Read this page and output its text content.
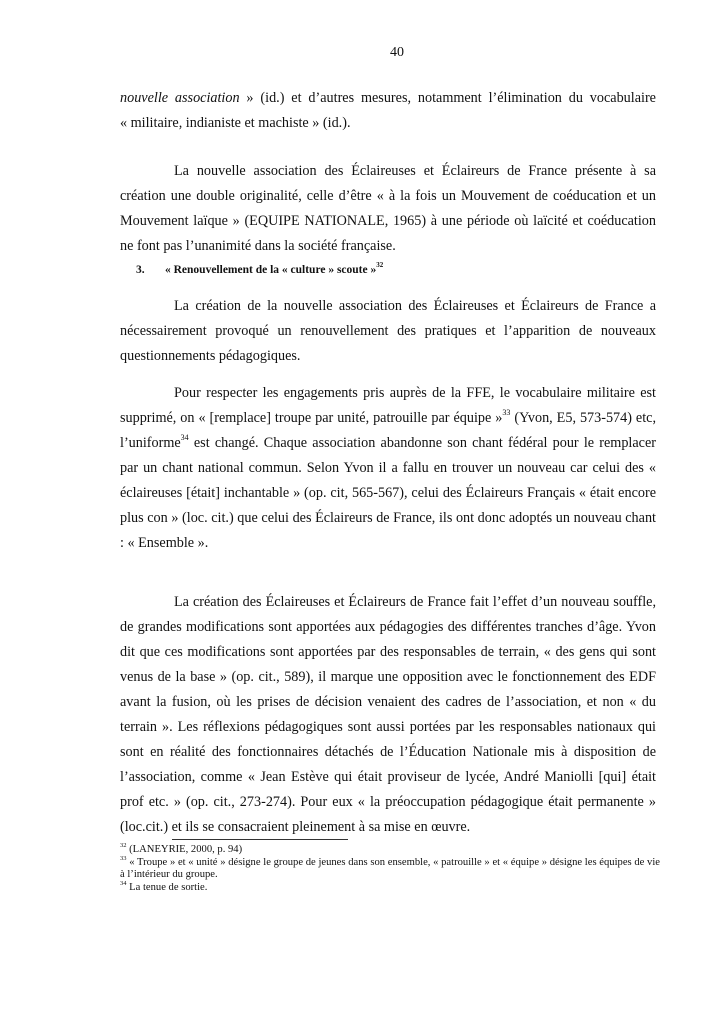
40

nouvelle association » (id.) et d’autres mesures, notamment l’élimination du vocabulaire

« militaire, indianiste et machiste » (id.).

La nouvelle association des Éclaireuses et Éclaireurs de France présente à sa création une double originalité, celle d’être « à la fois un Mouvement de coéducation et un Mouvement laïque » (EQUIPE NATIONALE, 1965) à une période où laïcité et coéducation ne font pas l’unanimité dans la société française.

3. « Renouvellement de la « culture » scoute »$^{32}$

La création de la nouvelle association des Éclaireuses et Éclaireurs de France a nécessairement provoqué un renouvellement des pratiques et l’apparition de nouveaux questionnements pédagogiques.

Pour respecter les engagements pris auprès de la FFE, le vocabulaire militaire est supprimé, on « [remplace] troupe par unité, patrouille par équipe »$^{33}$ (Yvon, E5, 573-574) etc, l’uniforme$^{34}$ est changé. Chaque association abandonne son chant fédéral pour le remplacer par un chant national commun. Selon Yvon il a fallu en trouver un nouveau car celui des « éclaireuses [était] inchantable » (op. cit, 565-567), celui des Éclaireurs Français « était encore plus con » (loc. cit.) que celui des Éclaireurs de France, ils ont donc adoptés un nouveau chant : « Ensemble ».

La création des Éclaireuses et Éclaireurs de France fait l’effet d’un nouveau souffle, de grandes modifications sont apportées aux pédagogies des différentes tranches d’âge. Yvon dit que ces modifications sont apportées par des responsables de terrain, « des gens qui sont venus de la base » (op. cit., 589), il marque une opposition avec le fonctionnement des EDF avant la fusion, où les prises de décision venaient des cadres de l’association, et non « du terrain ». Les réflexions pédagogiques sont aussi portées par les responsables nationaux qui sont en réalité des fonctionnaires détachés de l’Éducation Nationale mis à disposition de l’association, comme « Jean Estève qui était proviseur de lycée, André Maniolli [qui] était prof etc. » (op. cit., 273-274). Pour eux « la préoccupation pédagogique était permanente » (loc.cit.) et ils se consacraient pleinement à sa mise en œuvre.

$^{32}$ (LANEYRIE, 2000, p. 94)

$^{33}$ « Troupe » et « unité » désigne le groupe de jeunes dans son ensemble, « patrouille » et « équipe » désigne les équipes de vie à l’intérieur du groupe.

$^{34}$ La tenue de sortie.
